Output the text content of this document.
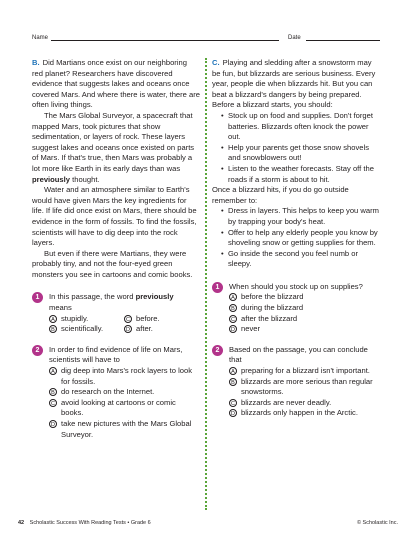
Name	Date

B. Did Martians once exist on our neighboring red planet? Researchers have discovered evidence that suggests lakes and oceans once covered Mars. And where there is water, there are often living things.

The Mars Global Surveyor, a spacecraft that mapped Mars, took pictures that show sedimentation, or layers of rock. These layers suggest lakes and oceans once existed on parts of Mars. If that's true, then Mars was probably a lot more like Earth in its early days than was previously thought.

Water and an atmosphere similar to Earth's would have given Mars the key ingredients for life. If life did once exist on Mars, there should be evidence in the form of fossils. To find the fossils, scientists will have to dig deep into the rock layers.

But even if there were Martians, they were probably tiny, and not the four-eyed green monsters you see in cartoons and comic books.

1	In this passage, the word previously
means

A stupidly.	C before.
B scientifically.	D after.
2	In order to find evidence of life on Mars, scientists will have to

A dig deep into Mars's rock layers to look for fossils.
B do research on the Internet.
C avoid looking at cartoons or comic books.
D take new pictures with the Mars Global Surveyor.

C. Playing and sledding after a snowstorm may be fun, but blizzards are serious business. Every year, people die when blizzards hit. But you can beat a blizzard's dangers by being prepared. Before a blizzard starts, you should:

• Stock up on food and supplies. Don't forget batteries. Blizzards often knock the power out.
• Help your parents get those snow shovels and snowblowers out!
• Listen to the weather forecasts. Stay off the roads if a storm is about to hit.

Once a blizzard hits, if you do go outside remember to:

• Dress in layers. This helps to keep you warm by trapping your body's heat.
• Offer to help any elderly people you know by shoveling snow or getting supplies for them.
• Go inside the second you feel numb or sleepy.
1	When should you stock up on supplies?

A before the blizzard
B during the blizzard
C after the blizzard
D never
2	Based on the passage, you can conclude that

A preparing for a blizzard isn't important.
B blizzards are more serious than regular snowstorms.
C blizzards are never deadly.
D blizzards only happen in the Arctic.
42 Scholastic Success With Reading Tests • Grade 6	© Scholastic Inc.
